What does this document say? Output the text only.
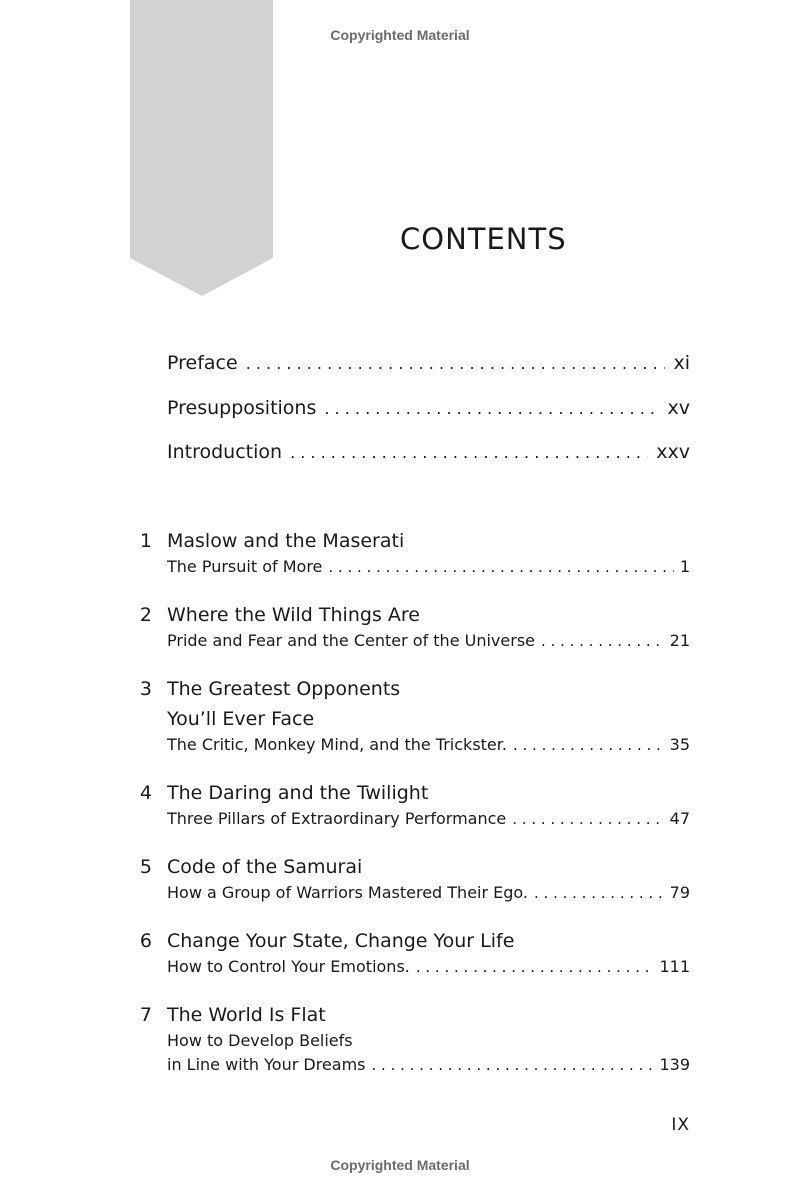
Copyrighted Material
CONTENTS
Preface . . .	xi
Presuppositions . . .	xv
Introduction . . .	xxv
1 Maslow and the Maserati
The Pursuit of More . . .	1
2 Where the Wild Things Are
Pride and Fear and the Center of the Universe . . .	21
3 The Greatest Opponents
You’ll Ever Face
The Critic, Monkey Mind, and the Trickster. . . .	35
4 The Daring and the Twilight
Three Pillars of Extraordinary Performance . . .	47
5 Code of the Samurai
How a Group of Warriors Mastered Their Ego. . . .	79
6 Change Your State, Change Your Life
How to Control Your Emotions. . . .	111
7 The World Is Flat
How to Develop Beliefs
in Line with Your Dreams . . .	139
IX
Copyrighted Material
